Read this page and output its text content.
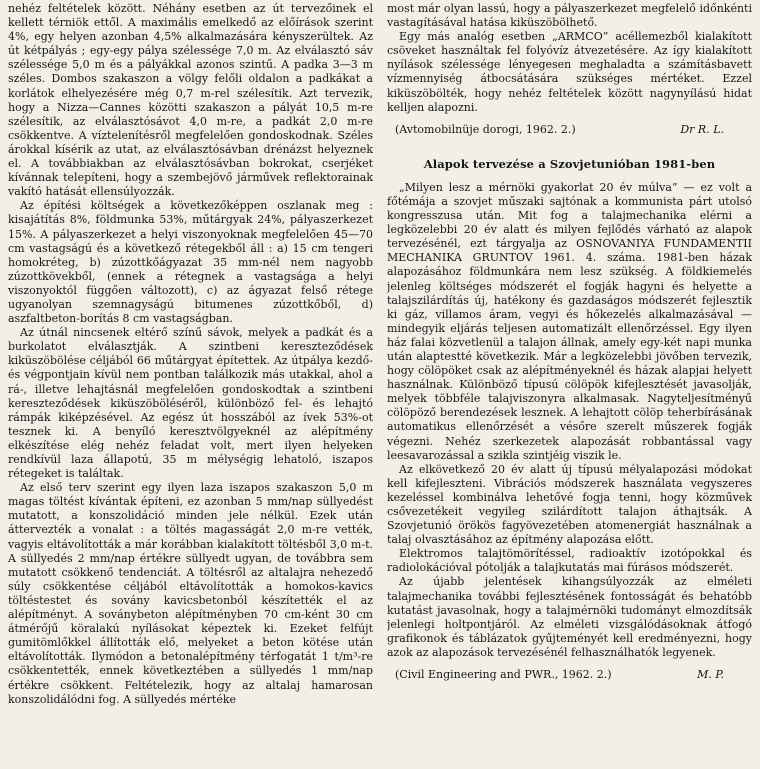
nehéz feltételek között. Néhány esetben az út tervezőinek el kellett térniök ettől. A maximális emelkedő az előírások szerint 4%, egy helyen azonban 4,5% alkalmazására kényszerültek. Az út kétpályás ; egy-egy pálya szélessége 7,0 m. Az elválasztó sáv szélessége 5,0 m és a pályákkal azonos szintű. A padka 3—3 m széles. Dombos szakaszon a völgy felőli oldalon a padkákat a korlátok elhelyezésére még 0,7 m-rel szélesítik. Azt tervezik, hogy a Nizza—Cannes közötti szakaszon a pályát 10,5 m-re szélesítik, az elválasztósávot 4,0 m-re, a padkát 2,0 m-re csökkentve. A víztelenítésről megfelelően gondoskodnak. Széles árokkal kísérik az utat, az elválasztósávban drénázst helyeznek el. A továbbiakban az elválasztósávban bokrokat, cserjéket kívánnak telepíteni, hogy a szembejövő járművek reflektorainak vakító hatását ellensúlyozzák.

Az építési költségek a következőképpen oszlanak meg : kisajátítás 8%, földmunka 53%, műtárgyak 24%, pályaszerkezet 15%. A pályaszerkezet a helyi viszonyoknak megfelelően 45—70 cm vastagságú és a következő rétegekből áll : a) 15 cm tengeri homokréteg, b) zúzottkőágyazat 35 mm-nél nem nagyobb zúzottkövekből, (ennek a rétegnek a vastagsága a helyi viszonyoktól függően változott), c) az ágyazat felső rétege ugyanolyan szemnagyságú bitumenes zúzottkőből, d) aszfaltbeton-borítás 8 cm vastagságban.

Az útnál nincsenek eltérő színű sávok, melyek a padkát és a burkolatot elválasztják. A szintbeni kereszteződések kiküszöbölése céljából 66 műtárgyat építettek. Az útpálya kezdő- és végpontjain kívül nem pontban találkozik más utakkal, ahol a rá-, illetve lehajtásnál megfelelően gondoskodtak a szintbeni kereszteződések kiküszöböléséről, különböző fel- és lehajtó rámpák kiképzésével. Az egész út hosszából az ívek 53%-ot tesznek ki. A benyíló keresztvölgyeknél az alépítmény elkészítése elég nehéz feladat volt, mert ilyen helyeken rendkívül laza állapotú, 35 m mélységig lehatoló, iszapos rétegeket is találtak.

Az első terv szerint egy ilyen laza iszapos szakaszon 5,0 m magas töltést kívántak építeni, ez azonban 5 mm/nap süllyedést mutatott, a konszolidáció minden jele nélkül. Ezek után áttervezték a vonalat : a töltés magasságát 2,0 m-re vették, vagyis eltávolították a már korábban kialakított töltésből 3,0 m-t. A süllyedés 2 mm/nap értékre süllyedt ugyan, de továbbra sem mutatott csökkenő tendenciát. A töltésről az altalajra nehezedő súly csökkentése céljából eltávolították a homokos-kavics töltéstestet és sovány kavicsbetonból készítették el az alépítményt. A soványbeton alépítményben 70 cm-ként 30 cm átmérőjű köralakú nyílásokat képeztek ki. Ezeket felfújt gumitömlőkkel állították elő, melyeket a beton kötése után eltávolították. Ilymódon a betonalépítmény térfogatát 1 t/m³-re csökkentették, ennek következtében a süllyedés 1 mm/nap értékre csökkent. Feltételezik, hogy az altalaj hamarosan konszolidálódni fog. A süllyedés mértéke

most már olyan lassú, hogy a pályaszerkezet megfelelő időnkénti vastagításával hatása kiküszöbölhető.

Egy más analóg esetben „ARMCO” acéllemezből kialakított csöveket használtak fel folyóvíz átvezetésére. Az így kialakított nyílások szélessége lényegesen meghaladta a számításbavett vízmennyiség átbocsátására szükséges mértéket. Ezzel kiküszöbölték, hogy nehéz feltételek között nagynyílású hidat kelljen alapozni.

(Avtomobilnüje dorogi, 1962. 2.)	Dr R. L.

Alapok tervezése a Szovjetunióban 1981-ben

„Milyen lesz a mérnöki gyakorlat 20 év múlva” — ez volt a főtémája a szovjet műszaki sajtónak a kommunista párt utolsó kongresszusa után. Mit fog a talajmechanika elérni a legközelebbi 20 év alatt és milyen fejlődés várható az alapok tervezésénél, ezt tárgyalja az OSNOVANIYA FUNDAMENTII MECHANIKA GRUNTOV 1961. 4. száma. 1981-ben házak alapozásához földmunkára nem lesz szükség. A földkiemelés jelenleg költséges módszerét el fogják hagyni és helyette a talajszilárdítás új, hatékony és gazdaságos módszerét fejlesztik ki gáz, villamos áram, vegyi és hőkezelés alkalmazásával — mindegyik eljárás teljesen automatizált ellenőrzéssel. Egy ilyen ház falai közvetlenül a talajon állnak, amely egy-két napi munka után alaptestté következik. Már a legközelebbi jövőben tervezik, hogy cölöpöket csak az alépítményeknél és házak alapjai helyett használnak. Különböző típusú cölöpök kifejlesztését javasolják, melyek többféle talajviszonyra alkalmasak. Nagyteljesítményű cölöpöző berendezések lesznek. A lehajtott cölöp teherbírásának automatikus ellenőrzését a vésőre szerelt műszerek fogják végezni. Nehéz szerkezetek alapozását robbantással vagy leesavarozással a szikla szintjéig viszik le.

Az elkövetkező 20 év alatt új típusú mélyalapozási módokat kell kifejleszteni. Vibrációs módszerek használata vegyszeres kezeléssel kombinálva lehetővé fogja tenni, hogy közművek csővezetékeit vegyileg szilárdított talajon áthajtsák. A Szovjetunió örökös fagyövezetében atomenergiát használnak a talaj olvasztásához az építmény alapozása előtt.

Elektromos talajtömörítéssel, radioaktív izotópokkal és radiolokációval pótolják a talajkutatás mai fúrásos módszerét.

Az újabb jelentések kihangsúlyozzák az elméleti talajmechanika további fejlesztésének fontosságát és behatóbb kutatást javasolnak, hogy a talajmérnöki tudományt elmozdítsák jelenlegi holtpontjáról. Az elméleti vizsgálódásoknak átfogó grafikonok és táblázatok gyűjteményét kell eredményezni, hogy azok az alapozások tervezésénél felhasználhatók legyenek.

(Civil Engineering and PWR., 1962. 2.)	M. P.
